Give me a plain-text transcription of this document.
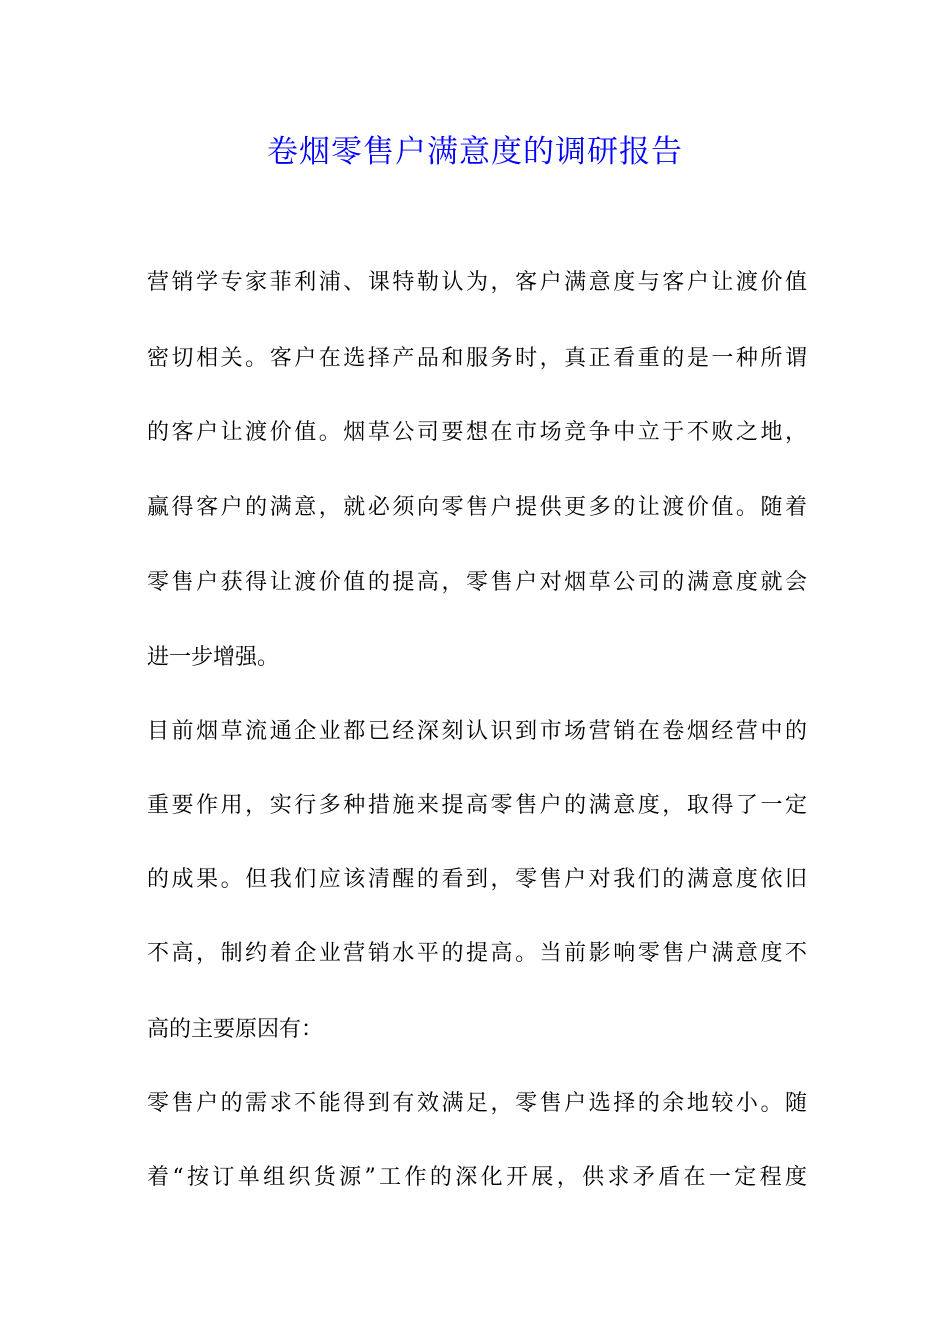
卷烟零售户满意度的调研报告
营销学专家菲利浦、课特勒认为，客户满意度与客户让渡价值
密切相关。客户在选择产品和服务时，真正看重的是一种所谓
的客户让渡价值。烟草公司要想在市场竞争中立于不败之地，
赢得客户的满意，就必须向零售户提供更多的让渡价值。随着
零售户获得让渡价值的提高，零售户对烟草公司的满意度就会
进一步增强。
目前烟草流通企业都已经深刻认识到市场营销在卷烟经营中的
重要作用，实行多种措施来提高零售户的满意度，取得了一定
的成果。但我们应该清醒的看到，零售户对我们的满意度依旧
不高，制约着企业营销水平的提高。当前影响零售户满意度不
高的主要原因有：
零售户的需求不能得到有效满足，零售户选择的余地较小。随
着“按订单组织货源”工作的深化开展，供求矛盾在一定程度
